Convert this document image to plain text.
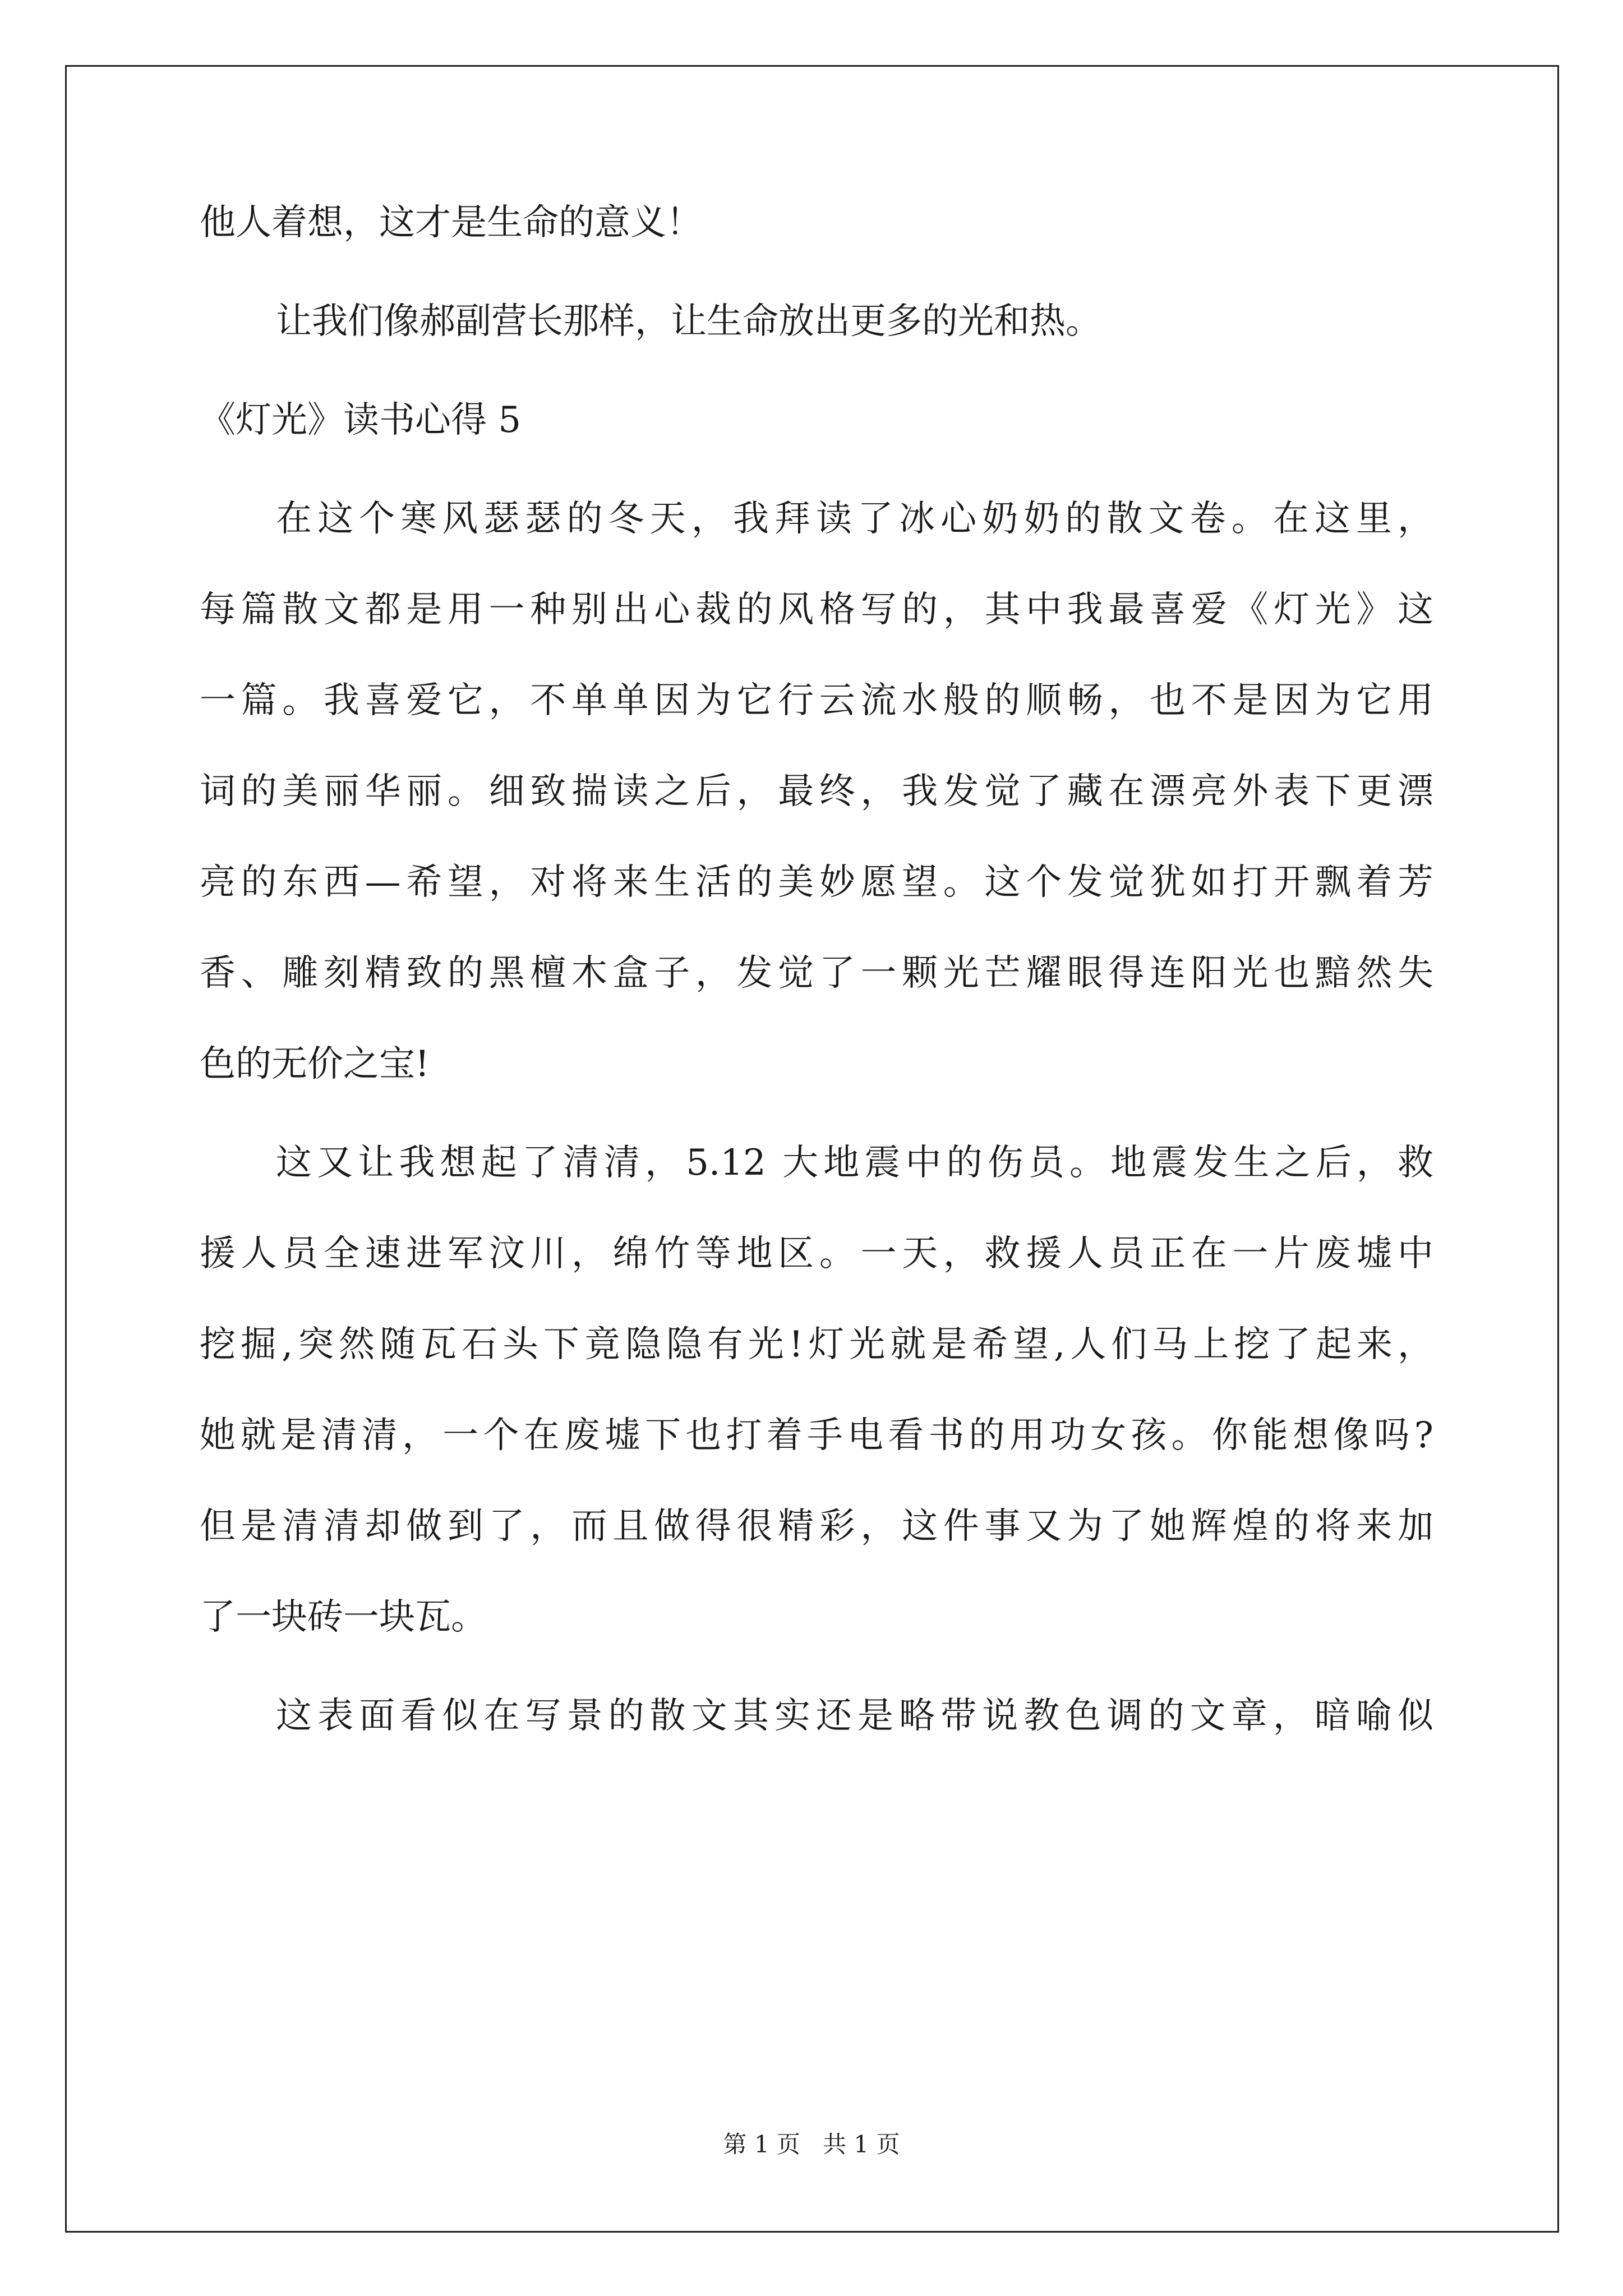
他人着想，这才是生命的意义！

让我们像郝副营长那样，让生命放出更多的光和热。

《灯光》读书心得 5

在这个寒风瑟瑟的冬天，我拜读了冰心奶奶的散文卷。在这里，

每篇散文都是用一种别出心裁的风格写的，其中我最喜爱《灯光》这

一篇。我喜爱它，不单单因为它行云流水般的顺畅，也不是因为它用

词的美丽华丽。细致揣读之后，最终，我发觉了藏在漂亮外表下更漂

亮的东西—希望，对将来生活的美妙愿望。这个发觉犹如打开飘着芳

香、雕刻精致的黑檀木盒子，发觉了一颗光芒耀眼得连阳光也黯然失

色的无价之宝!

这又让我想起了清清，5.12 大地震中的伤员。地震发生之后，救

援人员全速进军汶川，绵竹等地区。一天，救援人员正在一片废墟中

挖掘,突然随瓦石头下竟隐隐有光!灯光就是希望,人们马上挖了起来，

她就是清清，一个在废墟下也打着手电看书的用功女孩。你能想像吗?

但是清清却做到了，而且做得很精彩，这件事又为了她辉煌的将来加

了一块砖一块瓦。

这表面看似在写景的散文其实还是略带说教色调的文章，暗喻似

第 1 页 共 1 页
